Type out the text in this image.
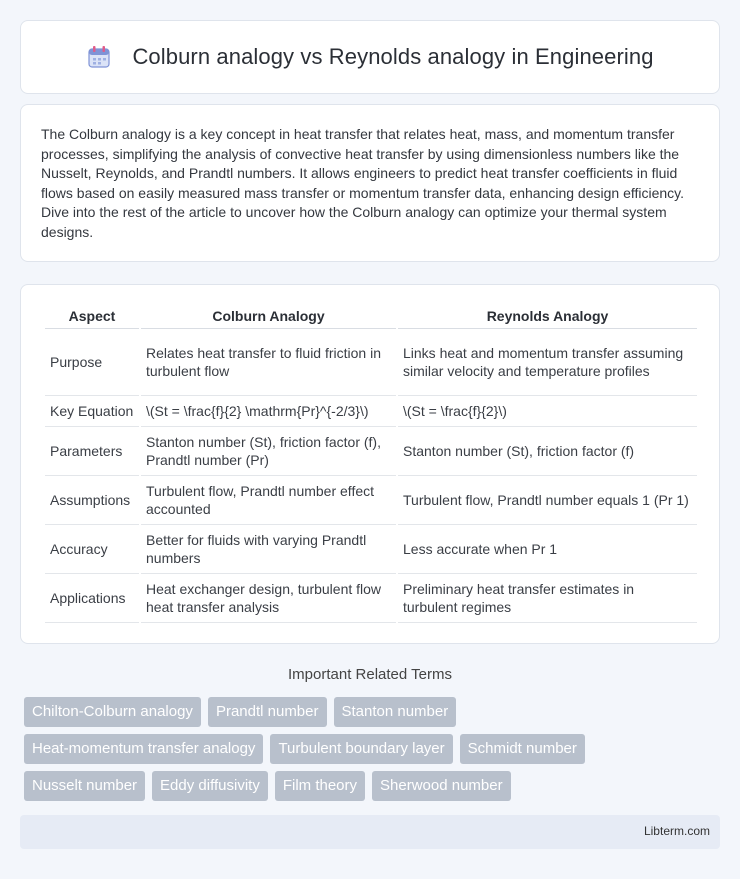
Colburn analogy vs Reynolds analogy in Engineering

The Colburn analogy is a key concept in heat transfer that relates heat, mass, and momentum transfer processes, simplifying the analysis of convective heat transfer by using dimensionless numbers like the Nusselt, Reynolds, and Prandtl numbers. It allows engineers to predict heat transfer coefficients in fluid flows based on easily measured mass transfer or momentum transfer data, enhancing design efficiency. Dive into the rest of the article to uncover how the Colburn analogy can optimize your thermal system designs.

Aspect	Colburn Analogy	Reynolds Analogy
Purpose	Relates heat transfer to fluid friction in turbulent flow	Links heat and momentum transfer assuming similar velocity and temperature profiles
Key Equation	\(St = \frac{f}{2} \mathrm{Pr}^{-2/3}\)	\(St = \frac{f}{2}\)
Parameters	Stanton number (St), friction factor (f), Prandtl number (Pr)	Stanton number (St), friction factor (f)
Assumptions	Turbulent flow, Prandtl number effect accounted	Turbulent flow, Prandtl number equals 1 (Pr 1)
Accuracy	Better for fluids with varying Prandtl numbers	Less accurate when Pr 1
Applications	Heat exchanger design, turbulent flow heat transfer analysis	Preliminary heat transfer estimates in turbulent regimes
Important Related Terms
Chilton-Colburn analogy	Prandtl number	Stanton number
Heat-momentum transfer analogy	Turbulent boundary layer	Schmidt number
Nusselt number	Eddy diffusivity	Film theory	Sherwood number
Libterm.com
